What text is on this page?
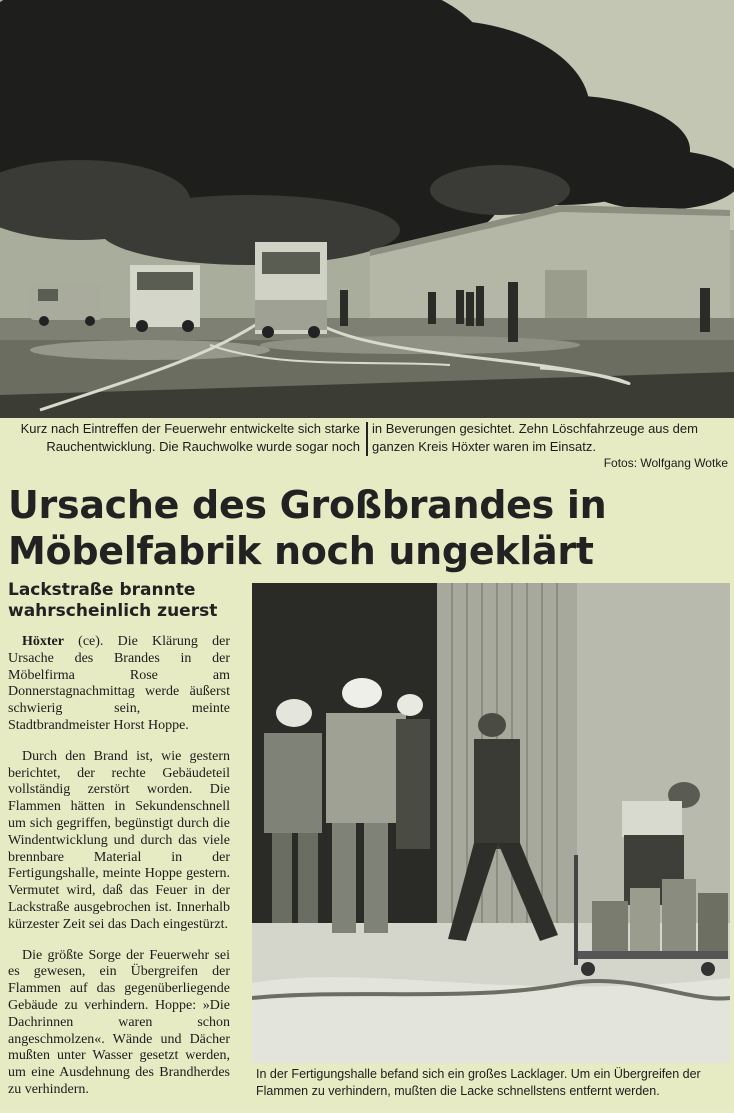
Kurz nach Eintreffen der Feuerwehr entwickelte sich starke Rauchentwicklung. Die Rauchwolke wurde sogar noch
in Beverungen gesichtet. Zehn Löschfahrzeuge aus dem ganzen Kreis Höxter waren im Einsatz.
Fotos: Wolfgang Wotke
Ursache des Großbrandes in
Möbelfabrik noch ungeklärt
Lackstraße brannte wahrscheinlich zuerst

Höxter (ce). Die Klärung der Ursache des Brandes in der Möbelfirma Rose am Donnerstagnachmittag werde äußerst schwierig sein, meinte Stadtbrandmeister Horst Hoppe.

Durch den Brand ist, wie gestern berichtet, der rechte Gebäudeteil vollständig zerstört worden. Die Flammen hätten in Sekundenschnell um sich gegriffen, begünstigt durch die Windentwicklung und durch das viele brennbare Material in der Fertigungshalle, meinte Hoppe gestern. Vermutet wird, daß das Feuer in der Lackstraße ausgebrochen ist. Innerhalb kürzester Zeit sei das Dach eingestürzt.

Die größte Sorge der Feuerwehr sei es gewesen, ein Übergreifen der Flammen auf das gegenüberliegende Gebäude zu verhindern. Hoppe: »Die Dachrinnen waren schon angeschmolzen«. Wände und Dächer mußten unter Wasser gesetzt werden, um eine Ausdehnung des Brandherdes zu verhindern.

In der Fertigungshalle befand sich ein großes Lacklager. Um ein Übergreifen der Flammen zu verhindern, mußten die Lacke schnellstens entfernt werden.
